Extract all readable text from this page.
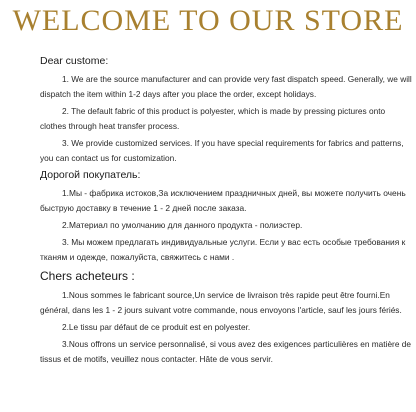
WELCOME TO OUR STORE
Dear custome:
1. We are the source manufacturer and can provide very fast dispatch speed. Generally, we will dispatch the item within 1-2 days after you place the order, except holidays.
2. The default fabric of this product is polyester, which is made by pressing pictures onto clothes through heat transfer process.
3. We provide customized services. If you have special requirements for fabrics and patterns, you can contact us for customization.
Дорогой покупатель:
1.Мы - фабрика истоков,За исключением праздничных дней, вы можете получить очень быструю доставку в течение 1 - 2 дней после заказа.
2.Материал по умолчанию для данного продукта - полиэстер.
3. Мы можем предлагать индивидуальные услуги. Если у вас есть особые требования к тканям и одежде, пожалуйста, свяжитесь с нами .
Chers acheteurs :
1.Nous sommes le fabricant source,Un service de livraison très rapide peut être fourni.En général, dans les 1 - 2 jours suivant votre commande, nous envoyons l'article, sauf les jours fériés.
2.Le tissu par défaut de ce produit est en polyester.
3.Nous offrons un service personnalisé, si vous avez des exigences particulières en matière de tissus et de motifs, veuillez nous contacter. Hâte de vous servir.
